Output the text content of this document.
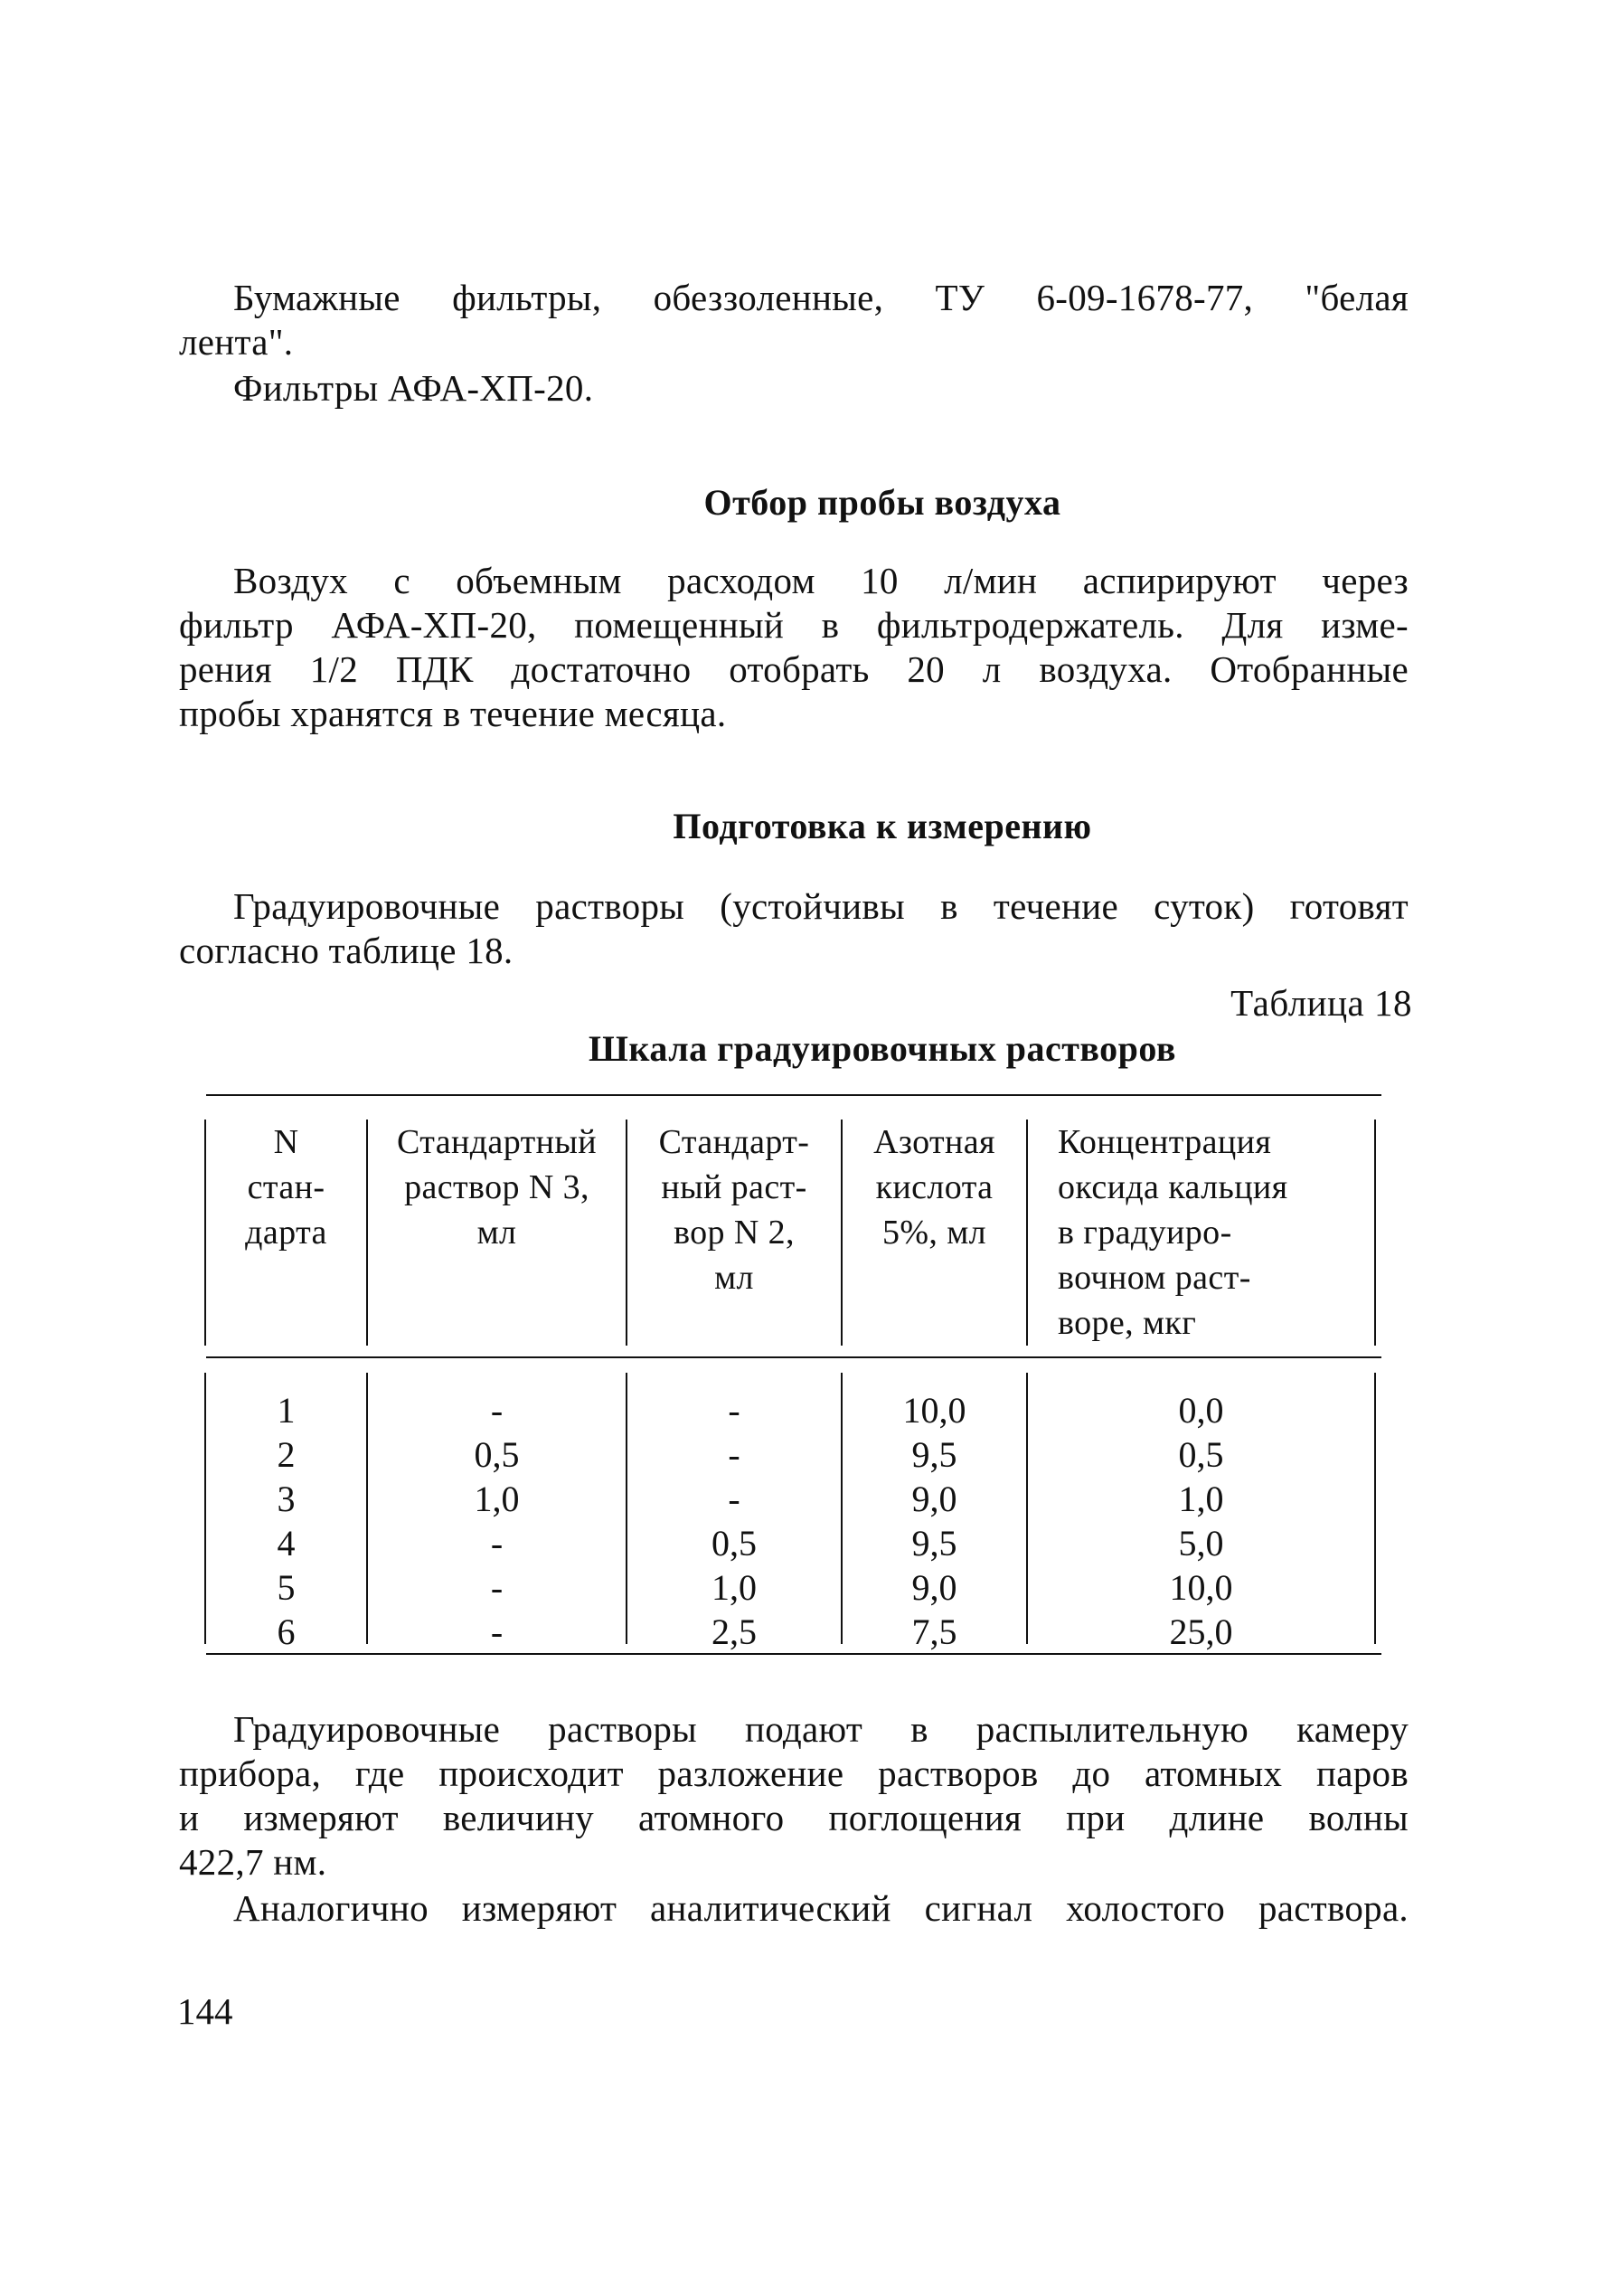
Бумажные фильтры, обеззоленные, ТУ 6-09-1678-77, "белая
лента".
Фильтры АФА-ХП-20.
Отбор пробы воздуха
Воздух с объемным расходом 10 л/мин аспирируют через
фильтр АФА-ХП-20, помещенный в фильтродержатель. Для изме-
рения 1/2 ПДК достаточно отобрать 20 л воздуха. Отобранные
пробы хранятся в течение месяца.
Подготовка к измерению
Градуировочные растворы (устойчивы в течение суток) готовят
согласно таблице 18.
Таблица 18
Шкала градуировочных растворов
N
стан-
дарта
Стандартный
раствор N 3,
мл
Стандарт-
ный раст-
вор N 2,
мл
Азотная
кислота
5%, мл
Концентрация
оксида кальция
в градуиро-
вочном раст-
воре, мкг
1
2
3
4
5
6
-
0,5
1,0
-
-
-
-
-
-
0,5
1,0
2,5
10,0
9,5
9,0
9,5
9,0
7,5
0,0
0,5
1,0
5,0
10,0
25,0
Градуировочные растворы подают в распылительную камеру
прибора, где происходит разложение растворов до атомных паров
и измеряют величину атомного поглощения при длине волны
422,7 нм.
Аналогично измеряют аналитический сигнал холостого раствора.
144
